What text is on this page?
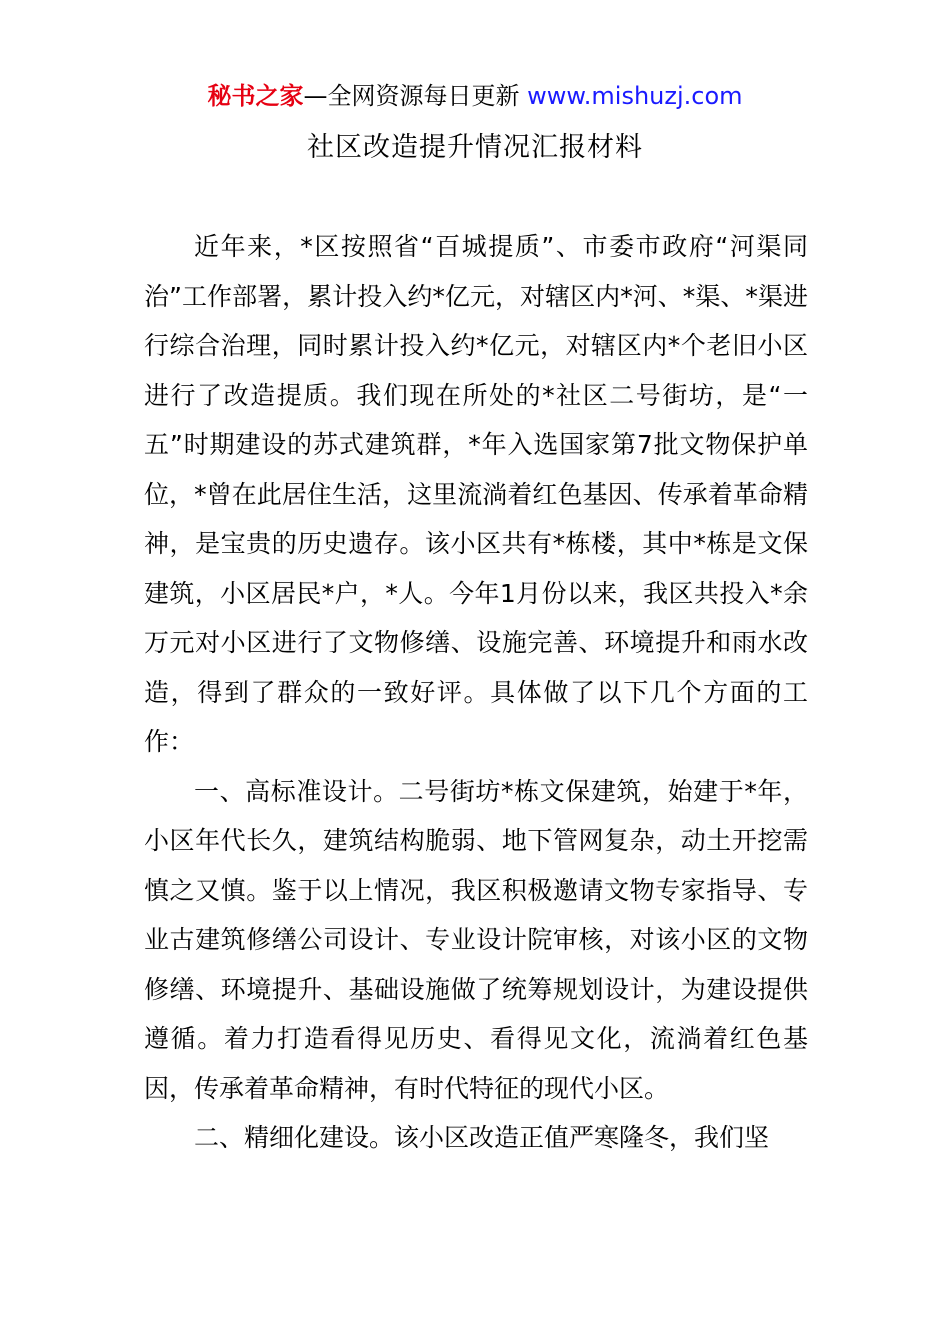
秘书之家—全网资源每日更新 www.mishuzj.com
社区改造提升情况汇报材料

近年来，*区按照省“百城提质”、市委市政府“河渠同治”工作部署，累计投入约*亿元，对辖区内*河、*渠、*渠进行综合治理，同时累计投入约*亿元，对辖区内*个老旧小区进行了改造提质。我们现在所处的*社区二号街坊，是“一五”时期建设的苏式建筑群，*年入选国家第7批文物保护单位，*曾在此居住生活，这里流淌着红色基因、传承着革命精神，是宝贵的历史遗存。该小区共有*栋楼，其中*栋是文保建筑，小区居民*户，*人。今年1月份以来，我区共投入*余万元对小区进行了文物修缮、设施完善、环境提升和雨水改造，得到了群众的一致好评。具体做了以下几个方面的工作：

一、高标准设计。二号街坊*栋文保建筑，始建于*年，小区年代长久，建筑结构脆弱、地下管网复杂，动土开挖需慎之又慎。鉴于以上情况，我区积极邀请文物专家指导、专业古建筑修缮公司设计、专业设计院审核，对该小区的文物修缮、环境提升、基础设施做了统筹规划设计，为建设提供遵循。着力打造看得见历史、看得见文化，流淌着红色基因，传承着革命精神，有时代特征的现代小区。

二、精细化建设。该小区改造正值严寒隆冬，我们坚
